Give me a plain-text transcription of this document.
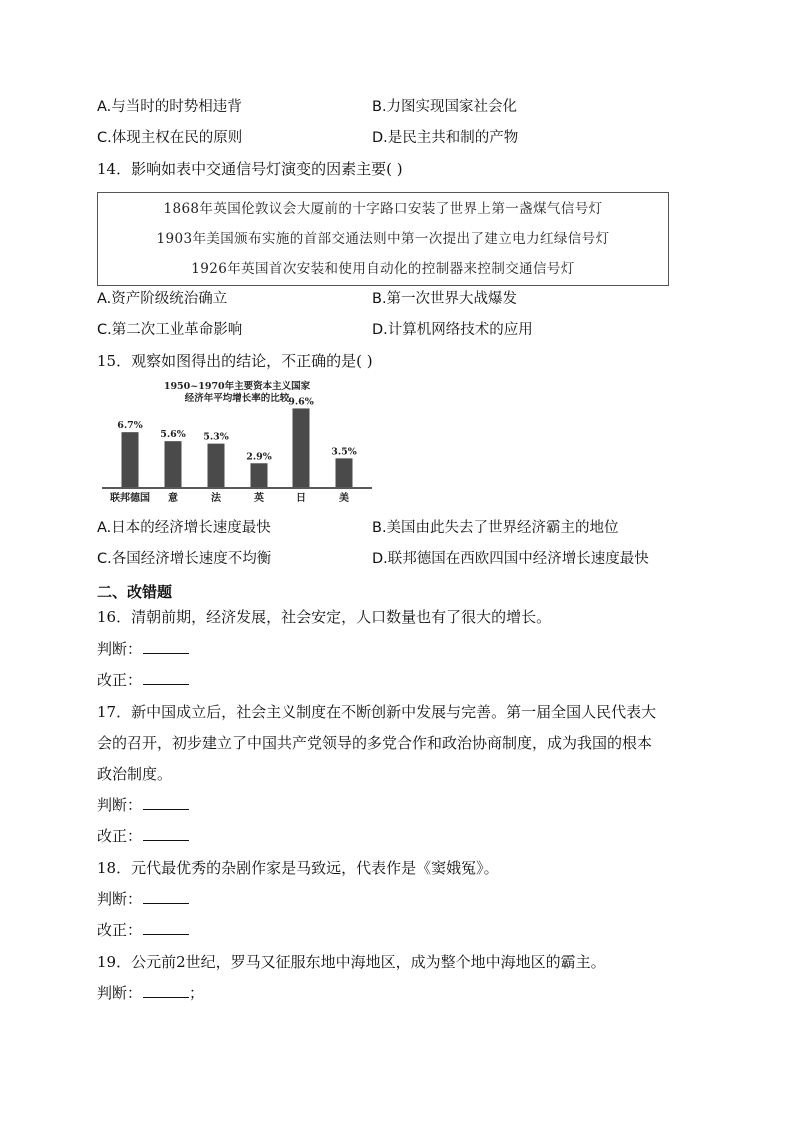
A.与当时的时势相违背	B.力图实现国家社会化
C.体现主权在民的原则	D.是民主共和制的产物
14．影响如表中交通信号灯演变的因素主要( )
1868年英国伦敦议会大厦前的十字路口安装了世界上第一盏煤气信号灯
1903年美国颁布实施的首部交通法则中第一次提出了建立电力红绿信号灯
1926年英国首次安装和使用自动化的控制器来控制交通信号灯
A.资产阶级统治确立	B.第一次世界大战爆发
C.第二次工业革命影响	D.计算机网络技术的应用
15．观察如图得出的结论，不正确的是( )
1950~1970年主要资本主义国家
经济年平均增长率的比较
6.7%
联邦德国
5.6%
意
5.3%
法
2.9%
英
9.6%
日
3.5%
美
A.日本的经济增长速度最快	B.美国由此失去了世界经济霸主的地位
C.各国经济增长速度不均衡	D.联邦德国在西欧四国中经济增长速度最快
二、改错题
16．清朝前期，经济发展，社会安定，人口数量也有了很大的增长。
判断：
改正：
17．新中国成立后，社会主义制度在不断创新中发展与完善。第一届全国人民代表大
会的召开，初步建立了中国共产党领导的多党合作和政治协商制度，成为我国的根本
政治制度。
判断：
改正：
18．元代最优秀的杂剧作家是马致远，代表作是《窦娥冤》。
判断：
改正：
19．公元前2世纪，罗马又征服东地中海地区，成为整个地中海地区的霸主。
判断：	；
